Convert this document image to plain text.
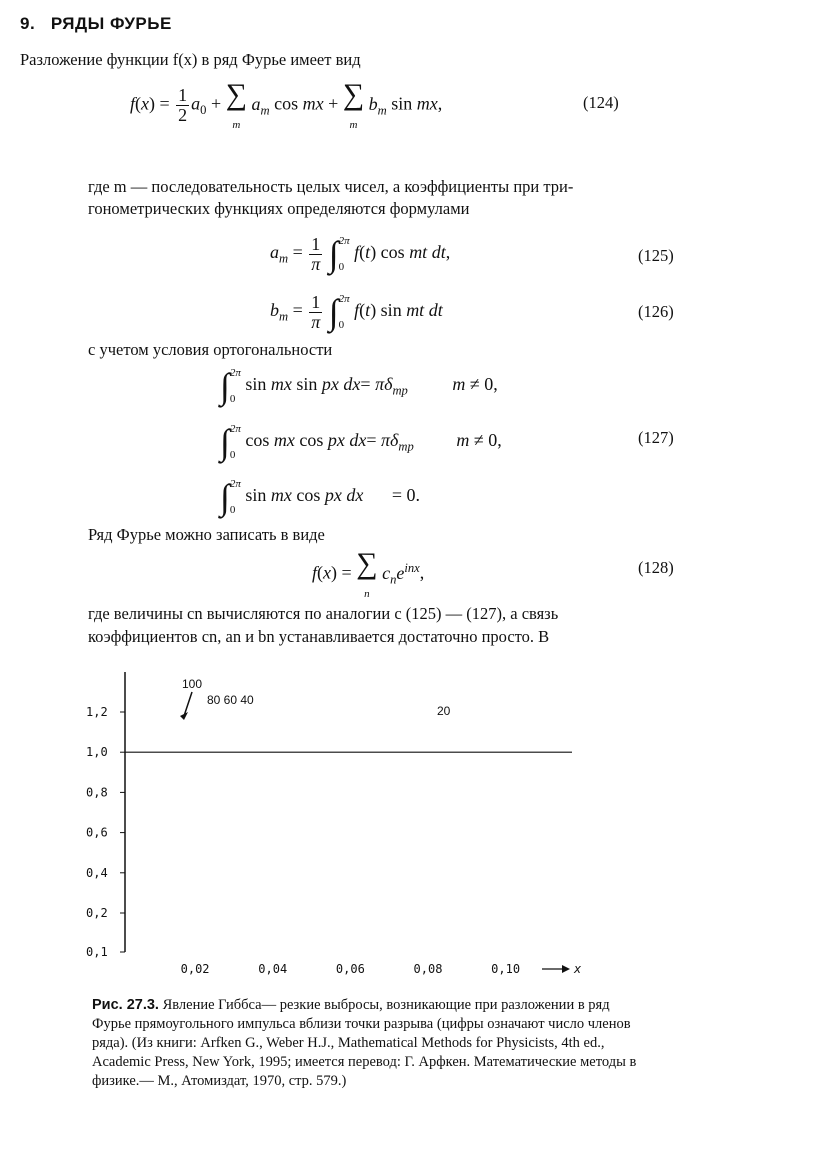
9. РЯДЫ ФУРЬЕ
Разложение функции f(x) в ряд Фурье имеет вид
$f(x) = \frac{1}{2} a_0$ + ∑
m $a_m$ cos mx + ∑
m $b_m$ sin mx,	(124)
где m — последовательность целых чисел, а коэффициенты при три-
гонометрических функциях определяются формулами
$a_m = \frac{1}{\pi} \int 2\pi$
0 f(t) cos mt dt,	(125)
$b_m = \frac{1}{\pi} \int 2\pi$
0 f(t) sin mt dt	(126)
с учетом условия ортогональности
∫2π
0 sin mx sin px $dx= \pi\delta_{mp}$ m ≠ 0,
∫2π
0 cos mx cos px $dx= \pi\delta_{mp}$ m ≠ 0,	(127)
∫2π
0 sin mx cos px dx = 0.
Ряд Фурье можно записать в виде
f(x) = ∑
n $c_ne^{inx}$,	(128)
где величины cn вычисляются по аналогии с (125) — (127), а связь
коэффициентов cn, an и bn устанавливается достаточно просто. В
0,1
0,2
0,4
0,6
0,8
1,0
1,2
0,02	0,04	0,06	0,08	0,10
100
80 60 40
20
x
Рис. 27.3. Явление Гиббса— резкие выбросы, возникающие при разложении в ряд Фурье прямоугольного импульса вблизи точки разрыва (цифры означают число членов ряда). (Из книги: Arfken G., Weber H.J., Mathematical Methods for Physicists, 4th ed., Academic Press, New York, 1995; имеется перевод: Г. Арфкен. Математические методы в физике.— М., Атомиздат, 1970, стр. 579.)
